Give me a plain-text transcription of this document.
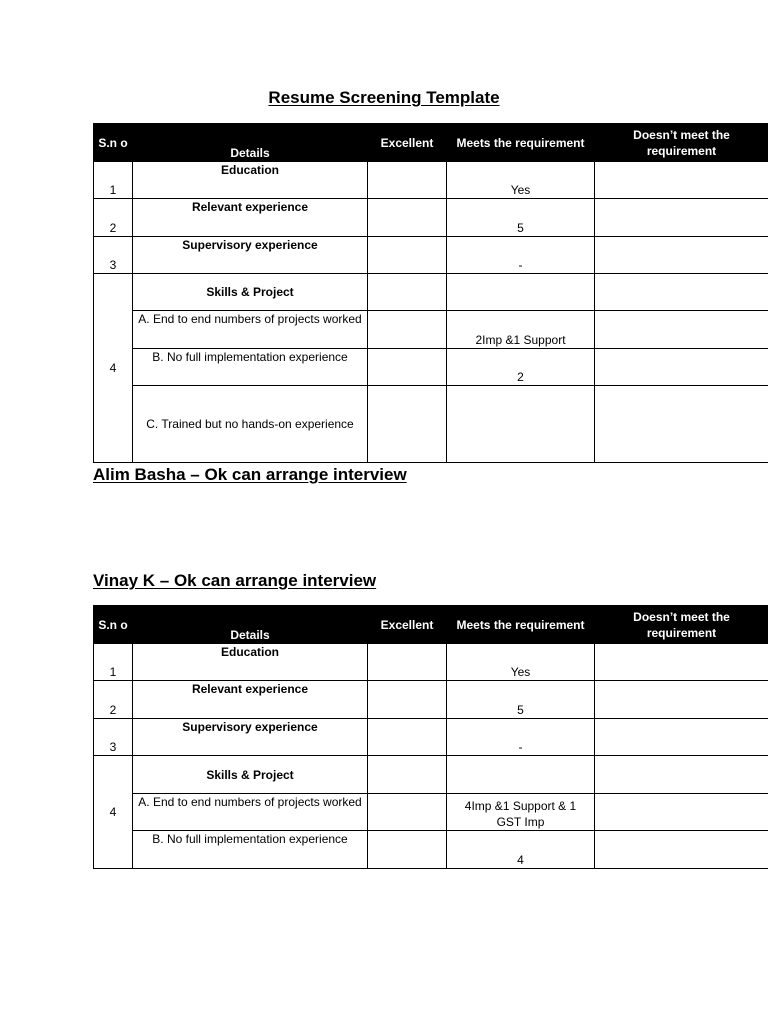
Resume Screening Template
S.n o	Details	Excellent	Meets the requirement	Doesn’t meet the requirement
1	Education		Yes	
2	Relevant experience		5	
3	Supervisory experience		-	
4	Skills & Project			
	A. End to end numbers of projects worked		2Imp &1 Support	
	B. No full implementation experience		2	
	C. Trained but no hands-on experience			
Alim Basha – Ok can arrange interview
Vinay K – Ok can arrange interview
S.n o	Details	Excellent	Meets the requirement	Doesn’t meet the requirement
1	Education		Yes	
2	Relevant experience		5	
3	Supervisory experience		-	
4	Skills & Project			
	A. End to end numbers of projects worked		4Imp &1 Support & 1 GST Imp	
	B. No full implementation experience		4	
